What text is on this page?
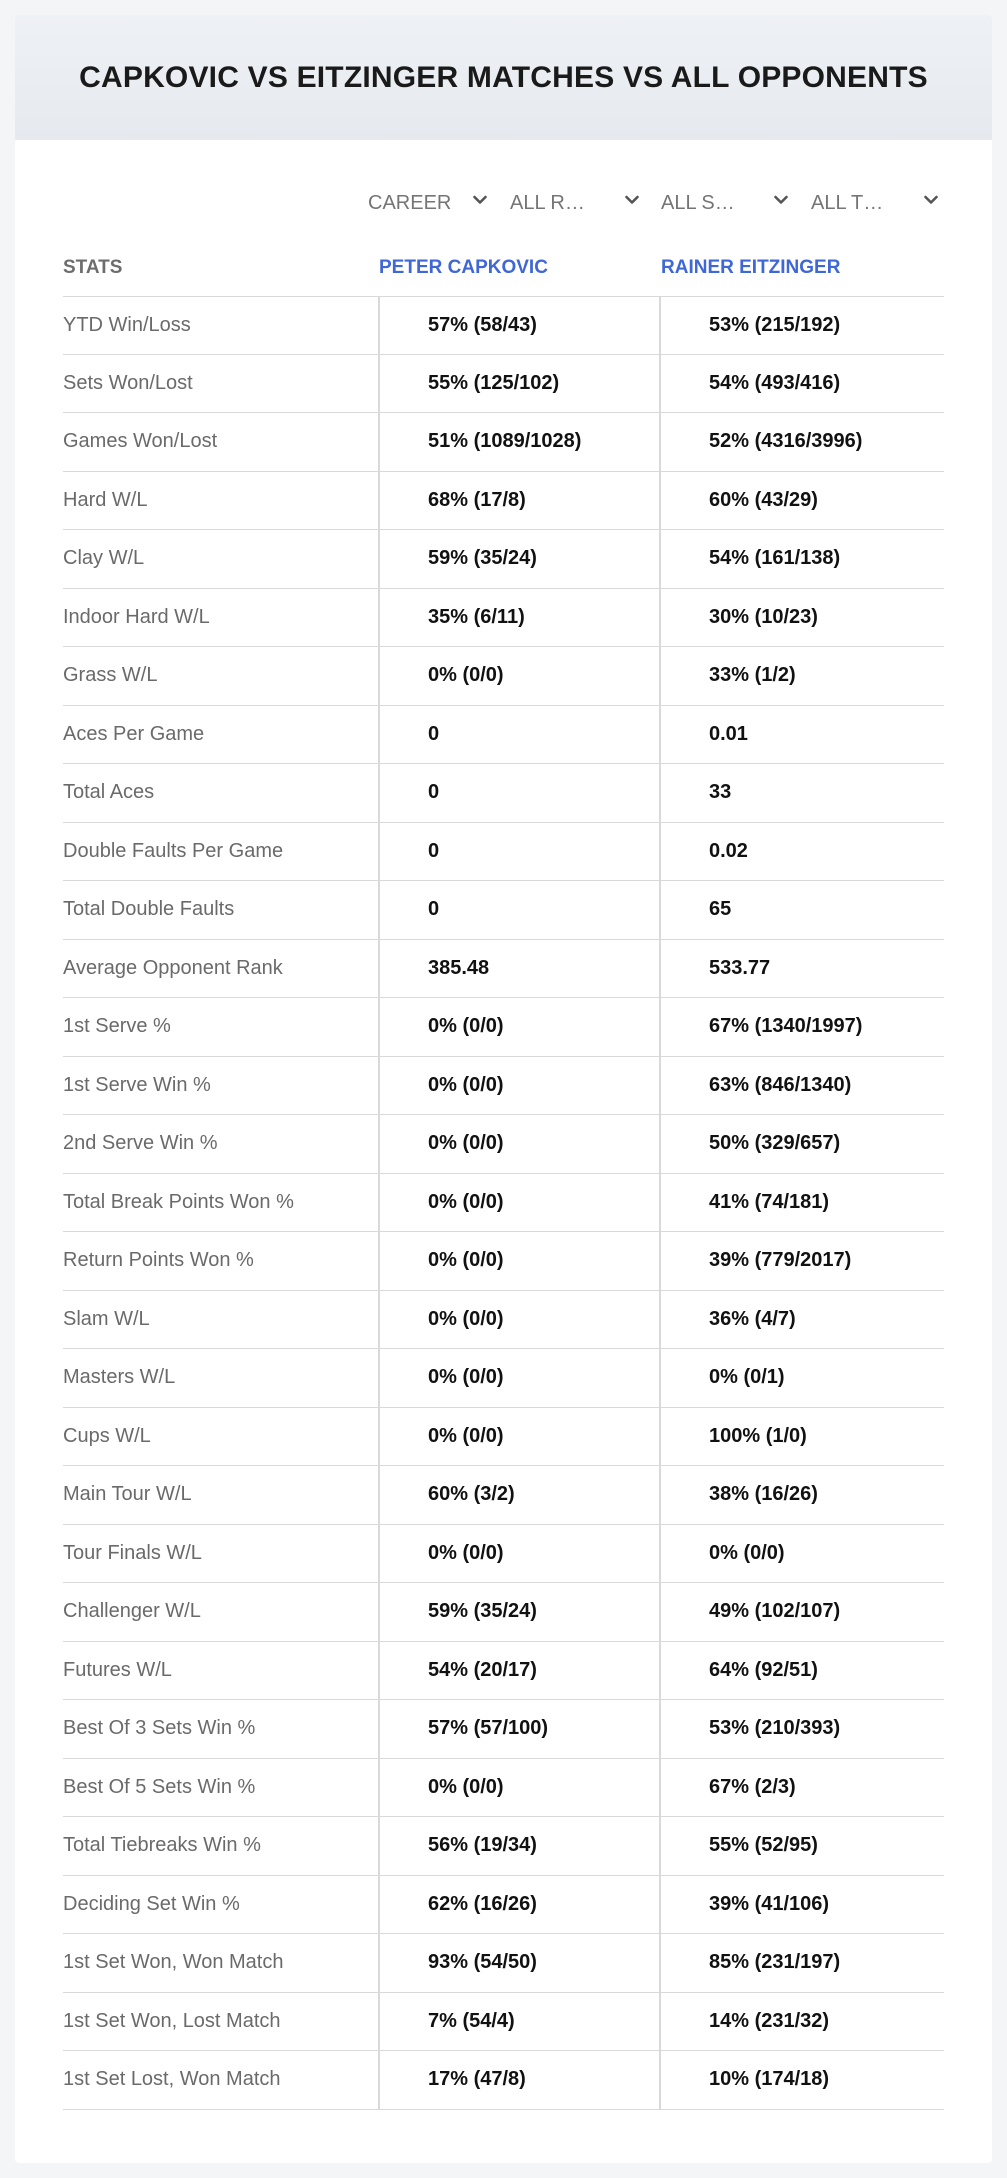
CAPKOVIC VS EITZINGER MATCHES VS ALL OPPONENTS
CAREER	ALL R…	ALL S…	ALL T…
STATS	PETER CAPKOVIC	RAINER EITZINGER
YTD Win/Loss	57% (58/43)	53% (215/192)
Sets Won/Lost	55% (125/102)	54% (493/416)
Games Won/Lost	51% (1089/1028)	52% (4316/3996)
Hard W/L	68% (17/8)	60% (43/29)
Clay W/L	59% (35/24)	54% (161/138)
Indoor Hard W/L	35% (6/11)	30% (10/23)
Grass W/L	0% (0/0)	33% (1/2)
Aces Per Game	0	0.01
Total Aces	0	33
Double Faults Per Game	0	0.02
Total Double Faults	0	65
Average Opponent Rank	385.48	533.77
1st Serve %	0% (0/0)	67% (1340/1997)
1st Serve Win %	0% (0/0)	63% (846/1340)
2nd Serve Win %	0% (0/0)	50% (329/657)
Total Break Points Won %	0% (0/0)	41% (74/181)
Return Points Won %	0% (0/0)	39% (779/2017)
Slam W/L	0% (0/0)	36% (4/7)
Masters W/L	0% (0/0)	0% (0/1)
Cups W/L	0% (0/0)	100% (1/0)
Main Tour W/L	60% (3/2)	38% (16/26)
Tour Finals W/L	0% (0/0)	0% (0/0)
Challenger W/L	59% (35/24)	49% (102/107)
Futures W/L	54% (20/17)	64% (92/51)
Best Of 3 Sets Win %	57% (57/100)	53% (210/393)
Best Of 5 Sets Win %	0% (0/0)	67% (2/3)
Total Tiebreaks Win %	56% (19/34)	55% (52/95)
Deciding Set Win %	62% (16/26)	39% (41/106)
1st Set Won, Won Match	93% (54/50)	85% (231/197)
1st Set Won, Lost Match	7% (54/4)	14% (231/32)
1st Set Lost, Won Match	17% (47/8)	10% (174/18)
